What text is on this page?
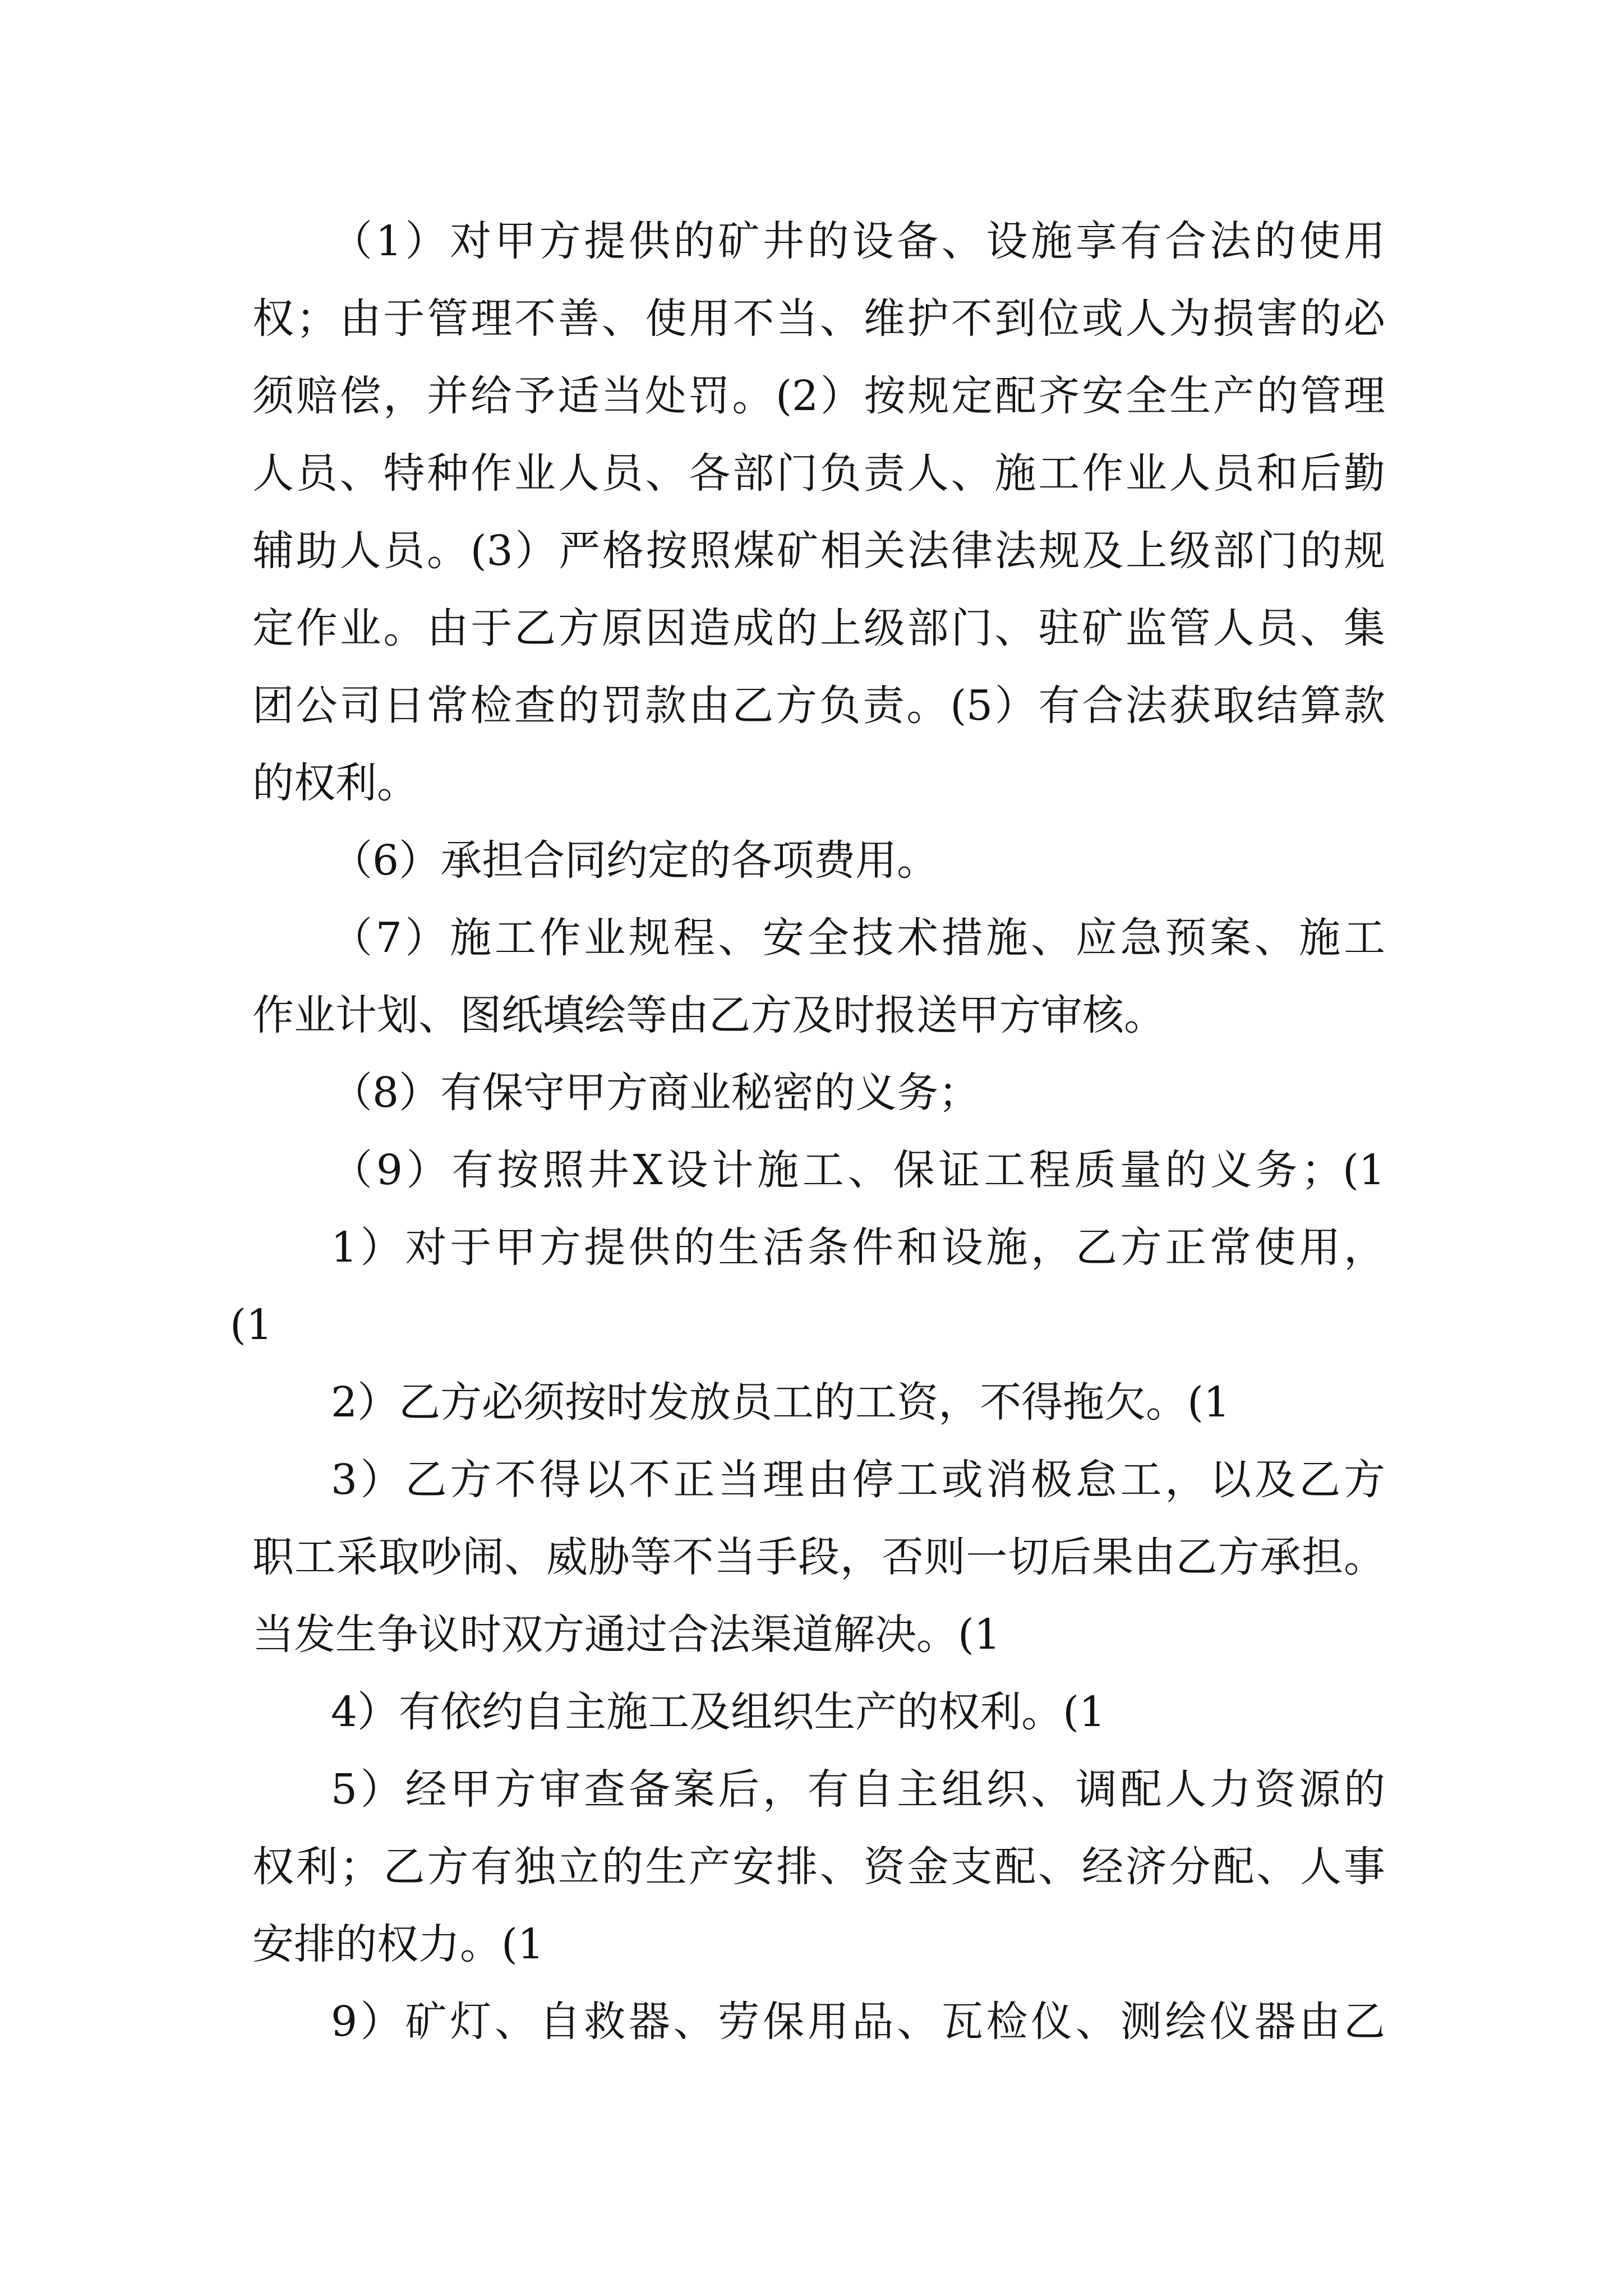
（1）对甲方提供的矿井的设备、设施享有合法的使用
权；由于管理不善、使用不当、维护不到位或人为损害的必
须赔偿，并给予适当处罚。(2）按规定配齐安全生产的管理
人员、特种作业人员、各部门负责人、施工作业人员和后勤
辅助人员。(3）严格按照煤矿相关法律法规及上级部门的规
定作业。由于乙方原因造成的上级部门、驻矿监管人员、集
团公司日常检查的罚款由乙方负责。(5）有合法获取结算款
的权利。
（6）承担合同约定的各项费用。
（7）施工作业规程、安全技术措施、应急预案、施工
作业计划、图纸填绘等由乙方及时报送甲方审核。
（8）有保守甲方商业秘密的义务；
（9）有按照井X设计施工、保证工程质量的义务；(1
1）对于甲方提供的生活条件和设施，乙方正常使用，
(1
2）乙方必须按时发放员工的工资，不得拖欠。(1
3）乙方不得以不正当理由停工或消极怠工，以及乙方
职工采取吵闹、威胁等不当手段，否则一切后果由乙方承担。
当发生争议时双方通过合法渠道解决。(1
4）有依约自主施工及组织生产的权利。(1
5）经甲方审查备案后，有自主组织、调配人力资源的
权利；乙方有独立的生产安排、资金支配、经济分配、人事
安排的权力。(1
9）矿灯、自救器、劳保用品、瓦检仪、测绘仪器由乙
